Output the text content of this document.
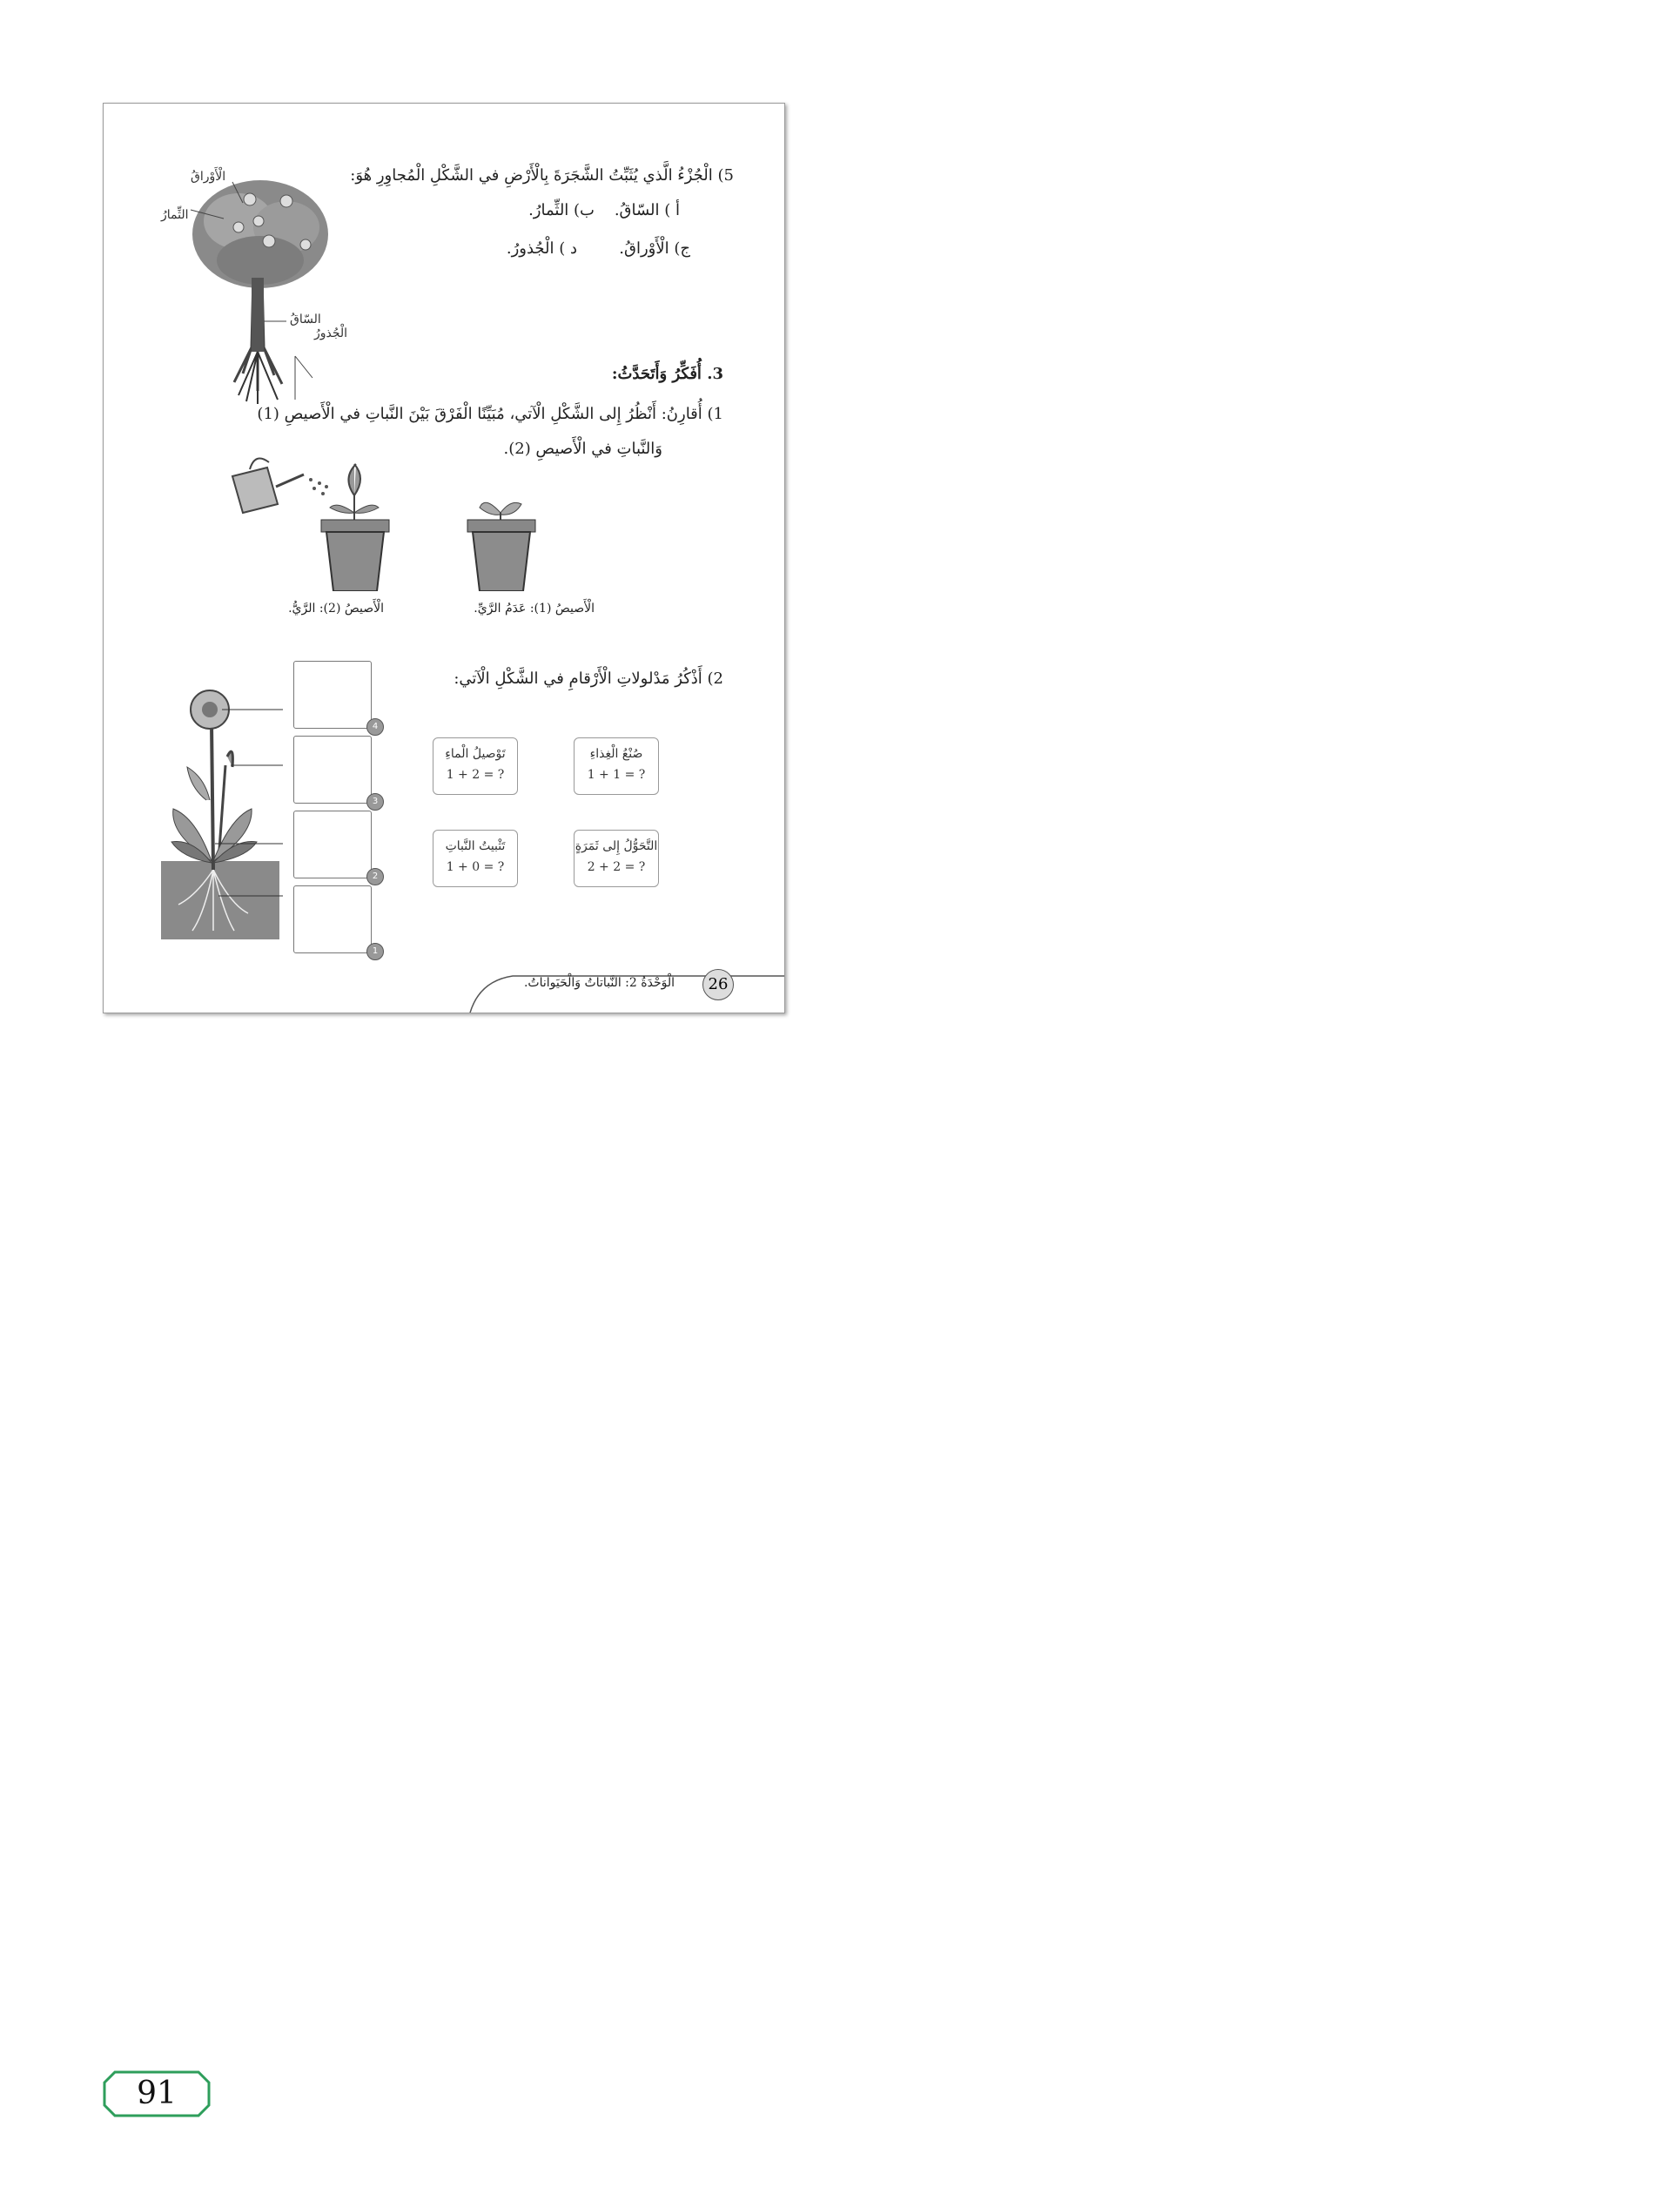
5) الْجُزْءُ الَّذي يُثَبِّتُ الشَّجَرَةَ بِالْأَرْضِ في الشَّكْلِ الْمُجاوِرِ هُوَ:
أ ) السّاقُ.
ب) الثِّمارُ.
ج) الْأَوْراقُ.
د ) الْجُذورُ.
الْأَوْراقُ
الثِّمارُ
السّاقُ
الْجُذورُ
3. أُفَكِّرُ وَأَتَحَدَّثُ:
1) أُقارِنُ: أَنْظُرُ إِلى الشَّكْلِ الْآتي، مُبَيِّنًا الْفَرْقَ بَيْنَ النَّباتِ في الْأَصيصِ (1)
وَالنَّباتِ في الْأَصيصِ (2).
الْأَصيصُ (2): الرَّيُّ.	الْأَصيصُ (1): عَدَمُ الرَّيِّ.
2) أَذْكُرُ مَدْلولاتِ الْأَرْقامِ في الشَّكْلِ الْآتي:
4
3
2
1
صُنْعُ الْغِذاءِ
1 + 1 = ?
تَوْصيلُ الْماءِ
1 + 2 = ?
التَّحَوُّلُ إِلى ثَمَرَةٍ
2 + 2 = ?
تَثْبيتُ النَّباتِ
1 + 0 = ?
26
الْوَحْدَةُ 2: النَّباتاتُ وَالْحَيَواناتُ.
91
